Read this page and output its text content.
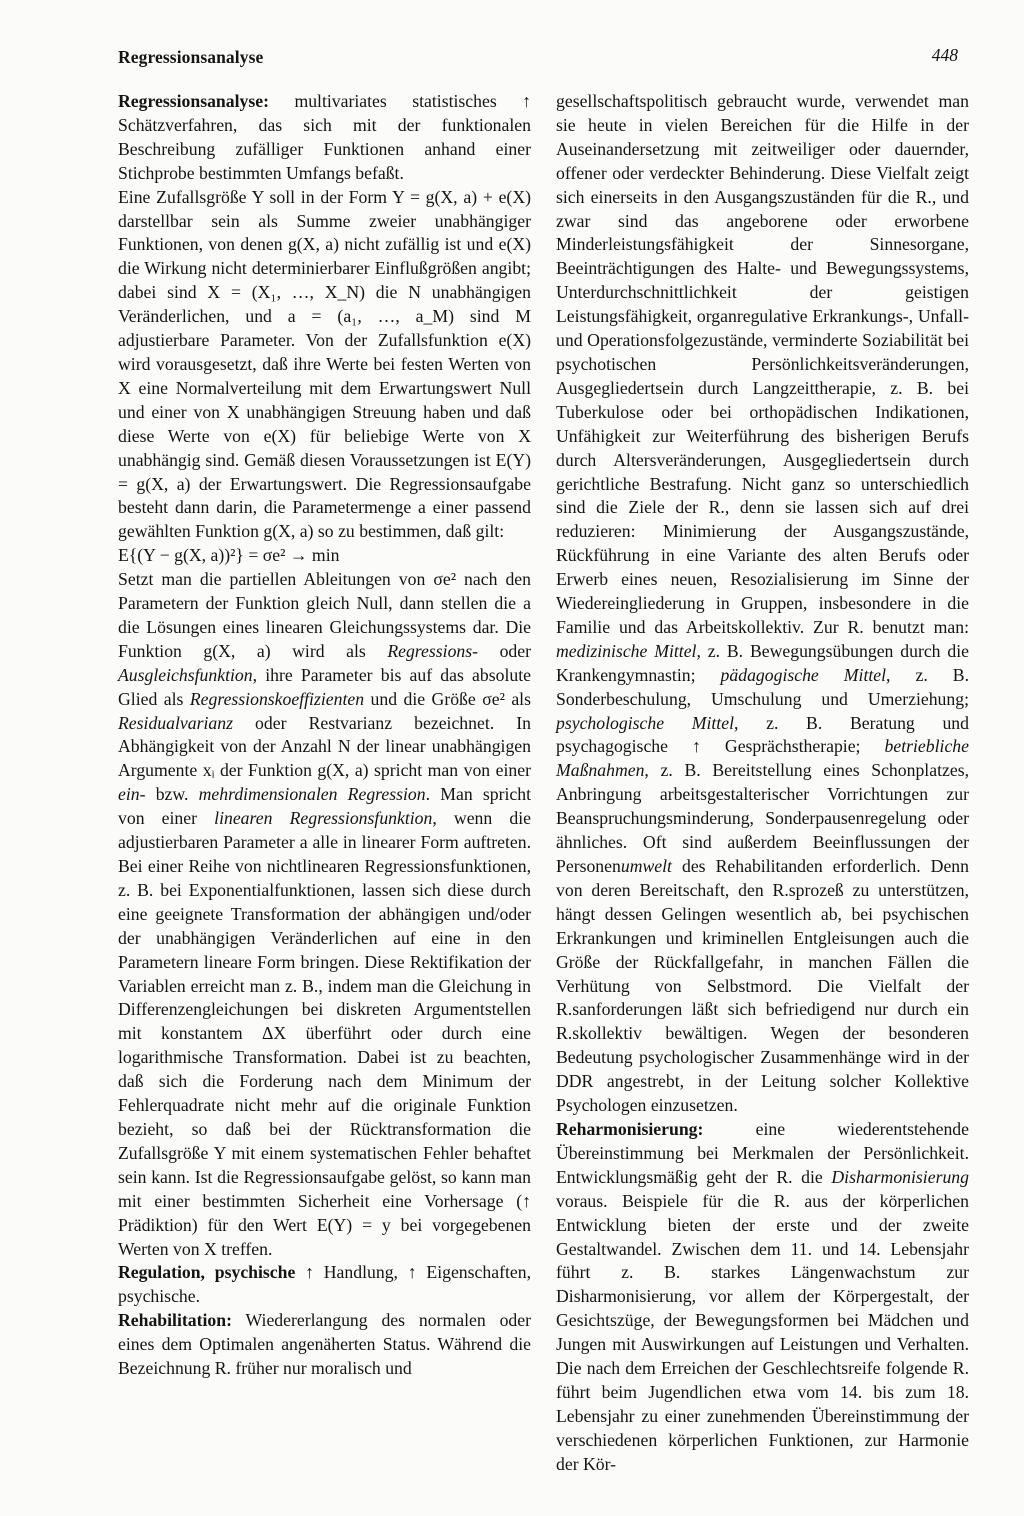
Regressionsanalyse	448

Regressionsanalyse: multivariates statistisches ↑ Schätzverfahren, das sich mit der funktionalen Beschreibung zufälliger Funktionen anhand einer Stichprobe bestimmten Umfangs befaßt.

Eine Zufallsgröße Y soll in der Form Y = g(X, a) + e(X) darstellbar sein als Summe zweier unabhängiger Funktionen, von denen g(X, a) nicht zufällig ist und e(X) die Wirkung nicht determinierbarer Einflußgrößen angibt; dabei sind X = (X₁, …, X_N) die N unabhängigen Veränderlichen, und a = (a₁, …, a_M) sind M adjustierbare Parameter. Von der Zufallsfunktion e(X) wird vorausgesetzt, daß ihre Werte bei festen Werten von X eine Normalverteilung mit dem Erwartungswert Null und einer von X unabhängigen Streuung haben und daß diese Werte von e(X) für beliebige Werte von X unabhängig sind. Gemäß diesen Voraussetzungen ist E(Y) = g(X, a) der Erwartungswert. Die Regressionsaufgabe besteht dann darin, die Parametermenge a einer passend gewählten Funktion g(X, a) so zu bestimmen, daß gilt:

E{(Y − g(X, a))²} = σe² → min

Setzt man die partiellen Ableitungen von σe² nach den Parametern der Funktion gleich Null, dann stellen die a die Lösungen eines linearen Gleichungssystems dar. Die Funktion g(X, a) wird als Regressions- oder Ausgleichsfunktion, ihre Parameter bis auf das absolute Glied als Regressionskoeffizienten und die Größe σe² als Residualvarianz oder Restvarianz bezeichnet. In Abhängigkeit von der Anzahl N der linear unabhängigen Argumente xᵢ der Funktion g(X, a) spricht man von einer ein- bzw. mehrdimensionalen Regression. Man spricht von einer linearen Regressionsfunktion, wenn die adjustierbaren Parameter a alle in linearer Form auftreten. Bei einer Reihe von nichtlinearen Regressionsfunktionen, z. B. bei Exponentialfunktionen, lassen sich diese durch eine geeignete Transformation der abhängigen und/oder der unabhängigen Veränderlichen auf eine in den Parametern lineare Form bringen. Diese Rektifikation der Variablen erreicht man z. B., indem man die Gleichung in Differenzengleichungen bei diskreten Argumentstellen mit konstantem ΔX überführt oder durch eine logarithmische Transformation. Dabei ist zu beachten, daß sich die Forderung nach dem Minimum der Fehlerquadrate nicht mehr auf die originale Funktion bezieht, so daß bei der Rücktransformation die Zufallsgröße Y mit einem systematischen Fehler behaftet sein kann. Ist die Regressionsaufgabe gelöst, so kann man mit einer bestimmten Sicherheit eine Vorhersage (↑ Prädiktion) für den Wert E(Y) = y bei vorgegebenen Werten von X treffen.

Regulation, psychische ↑ Handlung, ↑ Eigenschaften, psychische.

Rehabilitation: Wiedererlangung des normalen oder eines dem Optimalen angenäherten Status. Während die Bezeichnung R. früher nur moralisch und

gesellschaftspolitisch gebraucht wurde, verwendet man sie heute in vielen Bereichen für die Hilfe in der Auseinandersetzung mit zeitweiliger oder dauernder, offener oder verdeckter Behinderung. Diese Vielfalt zeigt sich einerseits in den Ausgangszuständen für die R., und zwar sind das angeborene oder erworbene Minderleistungsfähigkeit der Sinnesorgane, Beeinträchtigungen des Halte- und Bewegungssystems, Unterdurchschnittlichkeit der geistigen Leistungsfähigkeit, organregulative Erkrankungs-, Unfall- und Operationsfolgezustände, verminderte Soziabilität bei psychotischen Persönlichkeitsveränderungen, Ausgegliedertsein durch Langzeittherapie, z. B. bei Tuberkulose oder bei orthopädischen Indikationen, Unfähigkeit zur Weiterführung des bisherigen Berufs durch Altersveränderungen, Ausgegliedertsein durch gerichtliche Bestrafung. Nicht ganz so unterschiedlich sind die Ziele der R., denn sie lassen sich auf drei reduzieren: Minimierung der Ausgangszustände, Rückführung in eine Variante des alten Berufs oder Erwerb eines neuen, Resozialisierung im Sinne der Wiedereingliederung in Gruppen, insbesondere in die Familie und das Arbeitskollektiv. Zur R. benutzt man: medizinische Mittel, z. B. Bewegungsübungen durch die Krankengymnastin; pädagogische Mittel, z. B. Sonderbeschulung, Umschulung und Umerziehung; psychologische Mittel, z. B. Beratung und psychagogische ↑ Gesprächstherapie; betriebliche Maßnahmen, z. B. Bereitstellung eines Schonplatzes, Anbringung arbeitsgestalterischer Vorrichtungen zur Beanspruchungsminderung, Sonderpausenregelung oder ähnliches. Oft sind außerdem Beeinflussungen der Personenumwelt des Rehabilitanden erforderlich. Denn von deren Bereitschaft, den R.sprozeß zu unterstützen, hängt dessen Gelingen wesentlich ab, bei psychischen Erkrankungen und kriminellen Entgleisungen auch die Größe der Rückfallgefahr, in manchen Fällen die Verhütung von Selbstmord. Die Vielfalt der R.sanforderungen läßt sich befriedigend nur durch ein R.skollektiv bewältigen. Wegen der besonderen Bedeutung psychologischer Zusammenhänge wird in der DDR angestrebt, in der Leitung solcher Kollektive Psychologen einzusetzen.

Reharmonisierung: eine wiederentstehende Übereinstimmung bei Merkmalen der Persönlichkeit. Entwicklungsmäßig geht der R. die Disharmonisierung voraus. Beispiele für die R. aus der körperlichen Entwicklung bieten der erste und der zweite Gestaltwandel. Zwischen dem 11. und 14. Lebensjahr führt z. B. starkes Längenwachstum zur Disharmonisierung, vor allem der Körpergestalt, der Gesichtszüge, der Bewegungsformen bei Mädchen und Jungen mit Auswirkungen auf Leistungen und Verhalten. Die nach dem Erreichen der Geschlechtsreife folgende R. führt beim Jugendlichen etwa vom 14. bis zum 18. Lebensjahr zu einer zunehmenden Übereinstimmung der verschiedenen körperlichen Funktionen, zur Harmonie der Kör-
